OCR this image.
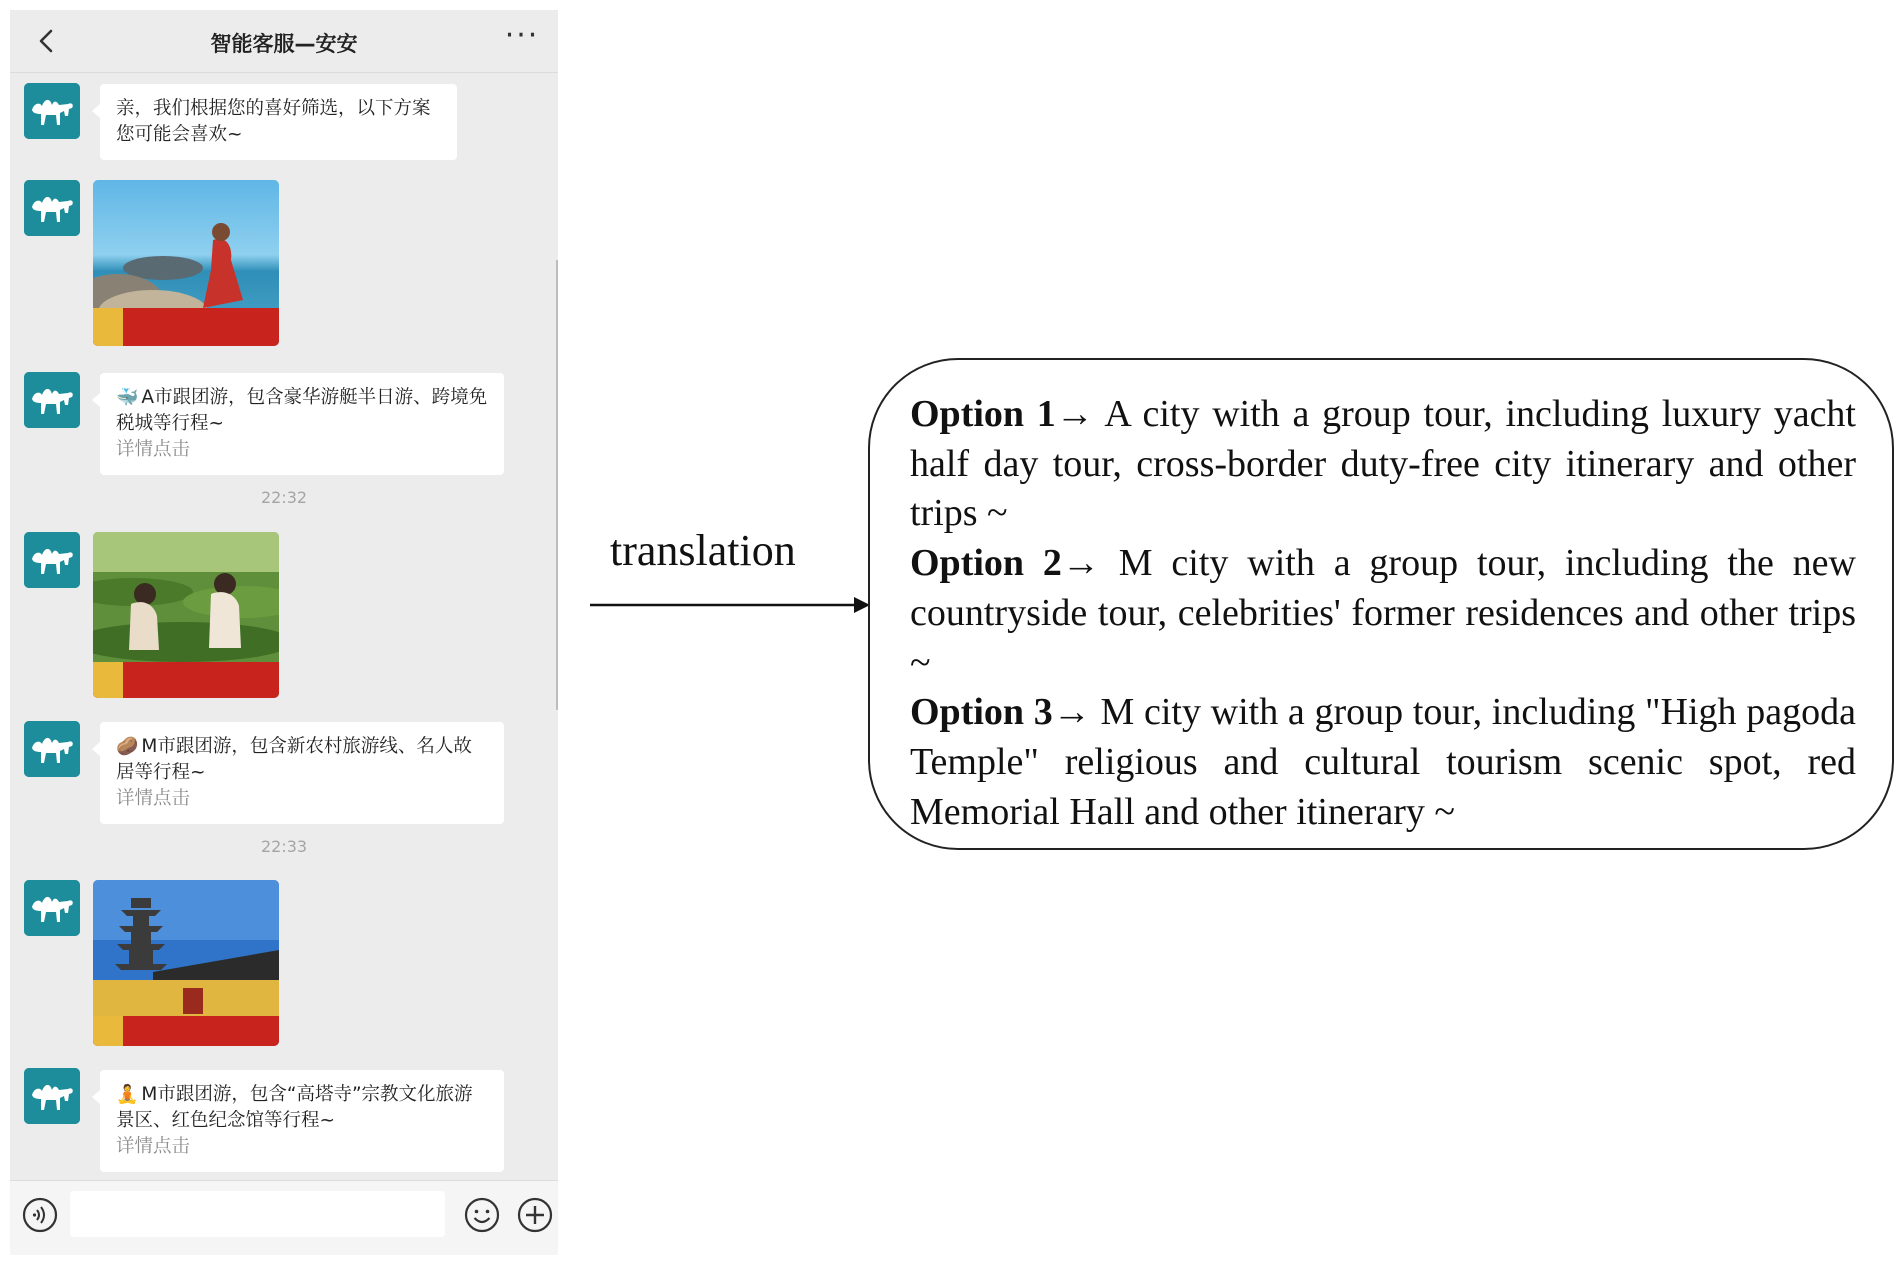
智能客服—安安	···
亲，我们根据您的喜好筛选，以下方案您可能会喜欢~
🐳 A市跟团游，包含豪华游艇半日游、跨境免税城等行程~
详情点击
22:32
🥔 M市跟团游，包含新农村旅游线、名人故居等行程~
详情点击
22:33
🧘 M市跟团游，包含“高塔寺”宗教文化旅游景区、红色纪念馆等行程~
详情点击
translation

Option 1→ A city with a group tour, including luxury yacht half day tour, cross-border duty-free city itinerary and other trips ~

Option 2→ M city with a group tour, including the new countryside tour, celebrities' former residences and other trips ~

Option 3→ M city with a group tour, including "High pagoda Temple" religious and cultural tourism scenic spot, red Memorial Hall and other itinerary ~
